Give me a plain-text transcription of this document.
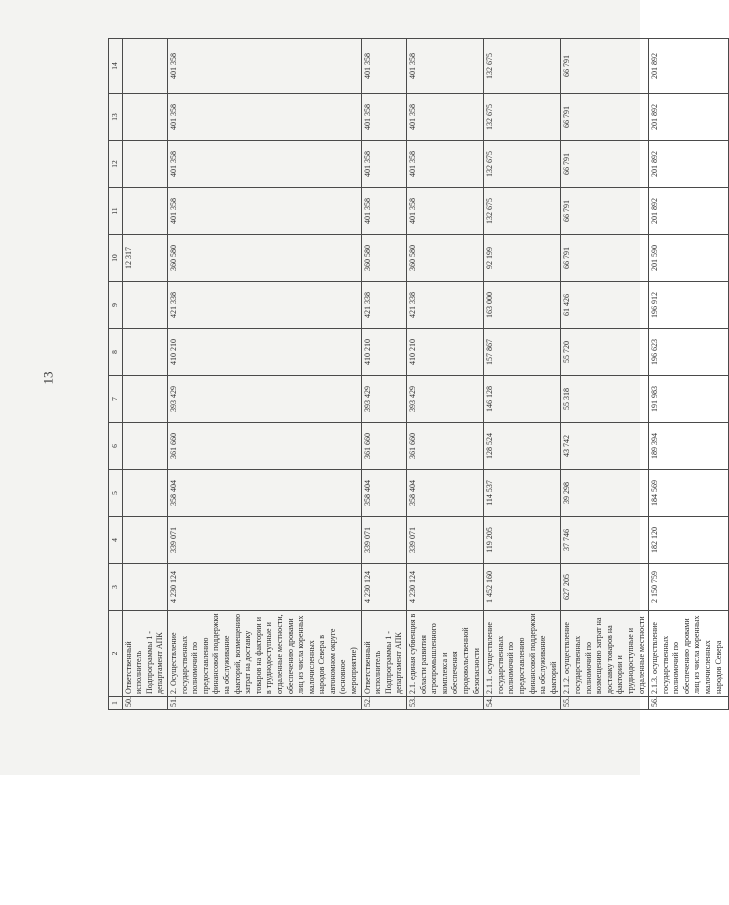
13
1	2	3	4	5	6	7	8	9	10	11	12	13	14
50.	Ответственный исполнитель Подпрограммы 1 - департамент АПК								12 317				
51.	2. Осуществление государственных полномочий по предоставлению финансовой поддержки на обслуживание факторий, возмещению затрат на доставку товаров на фактории и в труднодоступные и отдаленные местности, обеспечению дровами лиц из числа коренных малочисленных народов Севера в автономном округе (основное мероприятие)	4 230 124	339 071	358 404	361 660	393 429	410 210	421 338	360 580	401 358	401 358	401 358	401 358
52.	Ответственный исполнитель Подпрограммы 1 - департамент АПК	4 230 124	339 071	358 404	361 660	393 429	410 210	421 338	360 580	401 358	401 358	401 358	401 358
53.	2.1. единая субвенция в области развития агропромышленного комплекса и обеспечения продовольственной безопасности	4 230 124	339 071	358 404	361 660	393 429	410 210	421 338	360 580	401 358	401 358	401 358	401 358
54.	2.1.1. осуществление государственных полномочий по предоставлению финансовой поддержки на обслуживание факторий	1 452 160	119 205	114 537	128 524	146 128	157 867	163 000	92 199	132 675	132 675	132 675	132 675
55.	2.1.2. осуществление государственных полномочий по возмещению затрат на доставку товаров на фактории и труднодоступные и отдаленные местности	627 205	37 746	39 298	43 742	55 318	55 720	61 426	66 791	66 791	66 791	66 791	66 791
56.	2.1.3. осуществление государственных полномочий по обеспечению дровами лиц из числа коренных малочисленных народов Севера	2 150 759	182 120	184 569	189 394	191 983	196 623	196 912	201 590	201 892	201 892	201 892	201 892
